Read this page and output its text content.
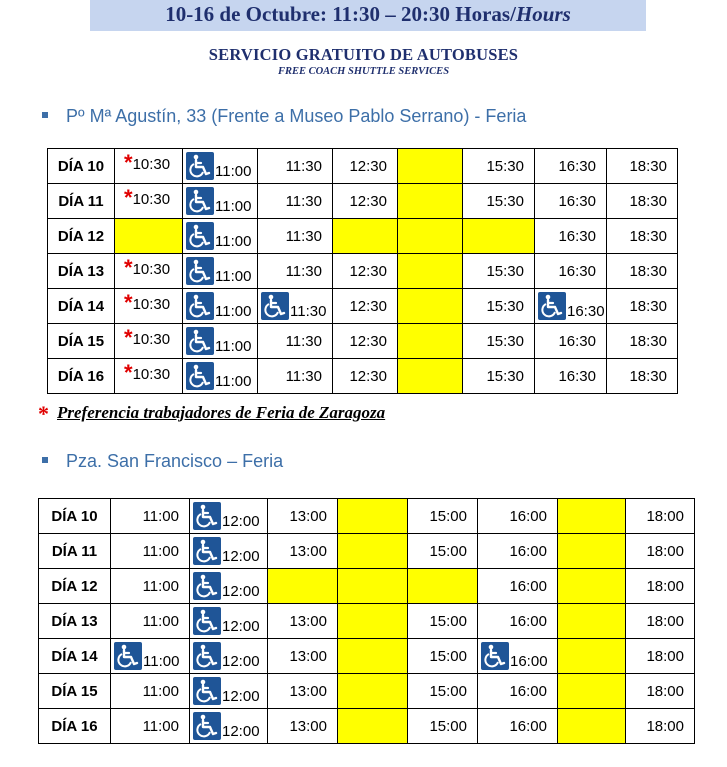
10-16 de Octubre: 11:30 – 20:30 Horas/Hours
SERVICIO GRATUITO DE AUTOBUSES
FREE COACH SHUTTLE SERVICES
Pº Mª Agustín, 33 (Frente a Museo Pablo Serrano) - Feria
DÍA 10	*10:30	11:00	11:30	12:30		15:30	16:30	18:30
DÍA 11	*10:30	11:00	11:30	12:30		15:30	16:30	18:30
DÍA 12		11:00	11:30				16:30	18:30
DÍA 13	*10:30	11:00	11:30	12:30		15:30	16:30	18:30
DÍA 14	*10:30	11:00	11:30	12:30		15:30	16:30	18:30
DÍA 15	*10:30	11:00	11:30	12:30		15:30	16:30	18:30
DÍA 16	*10:30	11:00	11:30	12:30		15:30	16:30	18:30
* Preferencia trabajadores de Feria de Zaragoza
Pza. San Francisco – Feria
DÍA 10	11:00	12:00	13:00		15:00	16:00		18:00
DÍA 11	11:00	12:00	13:00		15:00	16:00		18:00
DÍA 12	11:00	12:00				16:00		18:00
DÍA 13	11:00	12:00	13:00		15:00	16:00		18:00
DÍA 14	11:00	12:00	13:00		15:00	16:00		18:00
DÍA 15	11:00	12:00	13:00		15:00	16:00		18:00
DÍA 16	11:00	12:00	13:00		15:00	16:00		18:00
